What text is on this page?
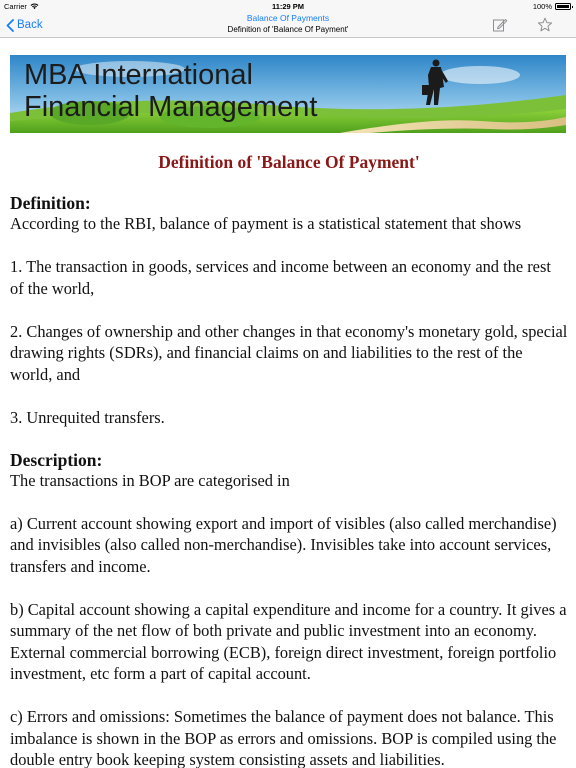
Carrier	11:29 PM	100%
Back
Balance Of Payments
Definition of 'Balance Of Payment'
MBA International
Financial Management
Definition of 'Balance Of Payment'
Definition:

According to the RBI, balance of payment is a statistical statement that shows

1. The transaction in goods, services and income between an economy and the rest of the world,

2. Changes of ownership and other changes in that economy's monetary gold, special drawing rights (SDRs), and financial claims on and liabilities to the rest of the world, and

3. Unrequited transfers.

Description:

The transactions in BOP are categorised in

a) Current account showing export and import of visibles (also called merchandise) and invisibles (also called non-merchandise). Invisibles take into account services, transfers and income.

b) Capital account showing a capital expenditure and income for a country. It gives a summary of the net flow of both private and public investment into an economy. External commercial borrowing (ECB), foreign direct investment, foreign portfolio investment, etc form a part of capital account.

c) Errors and omissions: Sometimes the balance of payment does not balance. This imbalance is shown in the BOP as errors and omissions. BOP is compiled using the double entry book keeping system consisting assets and liabilities.
